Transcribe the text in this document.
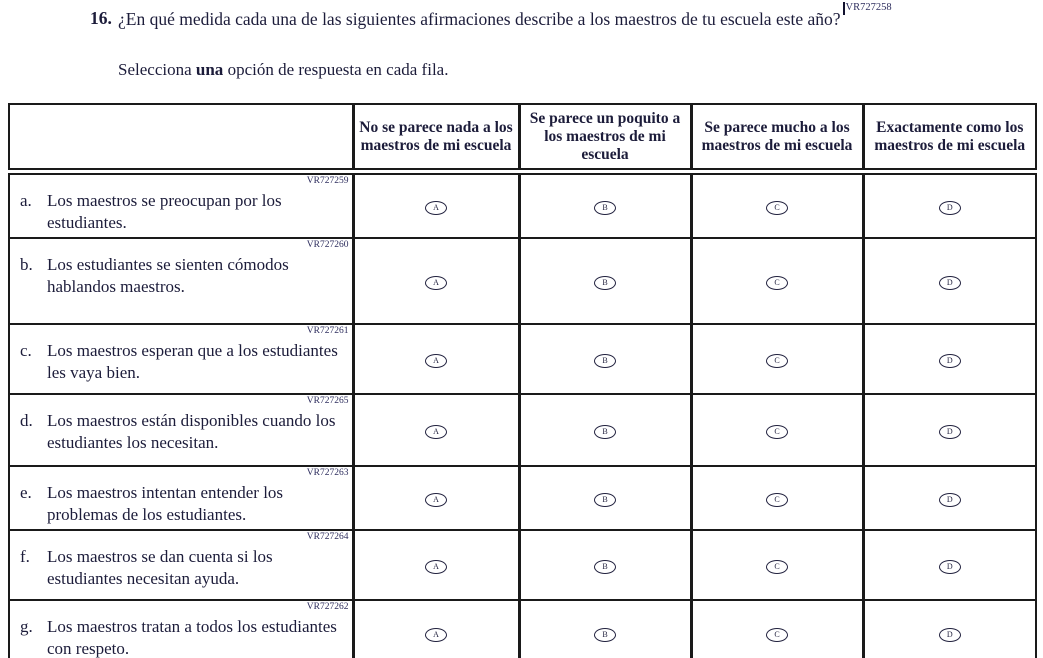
VR727258
16. ¿En qué medida cada una de las siguientes afirmaciones describe a los maestros de tu escuela este año?
Selecciona una opción de respuesta en cada fila.
	No se parece nada a los maestros de mi escuela	Se parece un poquito a los maestros de mi escuela	Se parece mucho a los maestros de mi escuela	Exactamente como los maestros de mi escuela

VR727259
a. Los maestros se preocupan por los estudiantes.	A	B	C	D

VR727260
b. Los estudiantes se sienten cómodos hablandos maestros.	A	B	C	D

VR727261
c. Los maestros esperan que a los estudiantes les vaya bien.	A	B	C	D

VR727265
d. Los maestros están disponibles cuando los estudiantes los necesitan.	A	B	C	D

VR727263
e. Los maestros intentan entender los problemas de los estudiantes.	A	B	C	D

VR727264
f. Los maestros se dan cuenta si los estudiantes necesitan ayuda.	A	B	C	D

VR727262
g. Los maestros tratan a todos los estudiantes con respeto.	A	B	C	D
